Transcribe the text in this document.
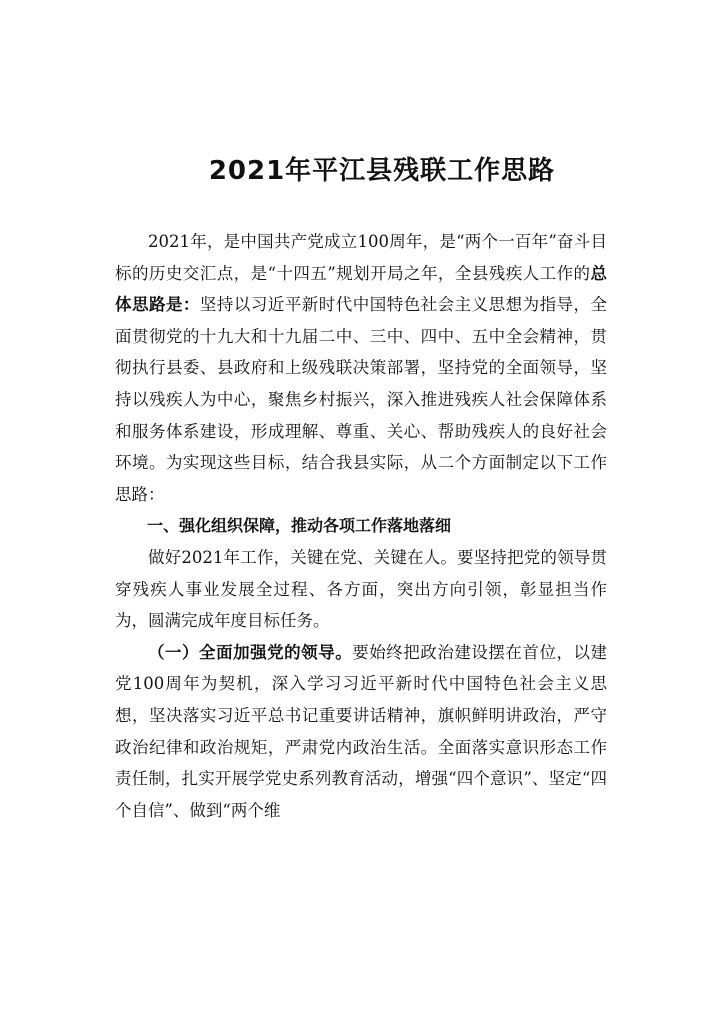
2021年平江县残联工作思路

2021年，是中国共产党成立100周年，是“两个一百年”奋斗目标的历史交汇点，是“十四五”规划开局之年，全县残疾人工作的总体思路是：坚持以习近平新时代中国特色社会主义思想为指导，全面贯彻党的十九大和十九届二中、三中、四中、五中全会精神，贯彻执行县委、县政府和上级残联决策部署，坚持党的全面领导，坚持以残疾人为中心，聚焦乡村振兴，深入推进残疾人社会保障体系和服务体系建设，形成理解、尊重、关心、帮助残疾人的良好社会环境。为实现这些目标，结合我县实际，从二个方面制定以下工作思路：

一、强化组织保障，推动各项工作落地落细

做好2021年工作，关键在党、关键在人。要坚持把党的领导贯穿残疾人事业发展全过程、各方面，突出方向引领，彰显担当作为，圆满完成年度目标任务。

（一）全面加强党的领导。要始终把政治建设摆在首位，以建党100周年为契机，深入学习习近平新时代中国特色社会主义思想，坚决落实习近平总书记重要讲话精神，旗帜鲜明讲政治，严守政治纪律和政治规矩，严肃党内政治生活。全面落实意识形态工作责任制，扎实开展学党史系列教育活动，增强“四个意识”、坚定“四个自信”、做到“两个维
